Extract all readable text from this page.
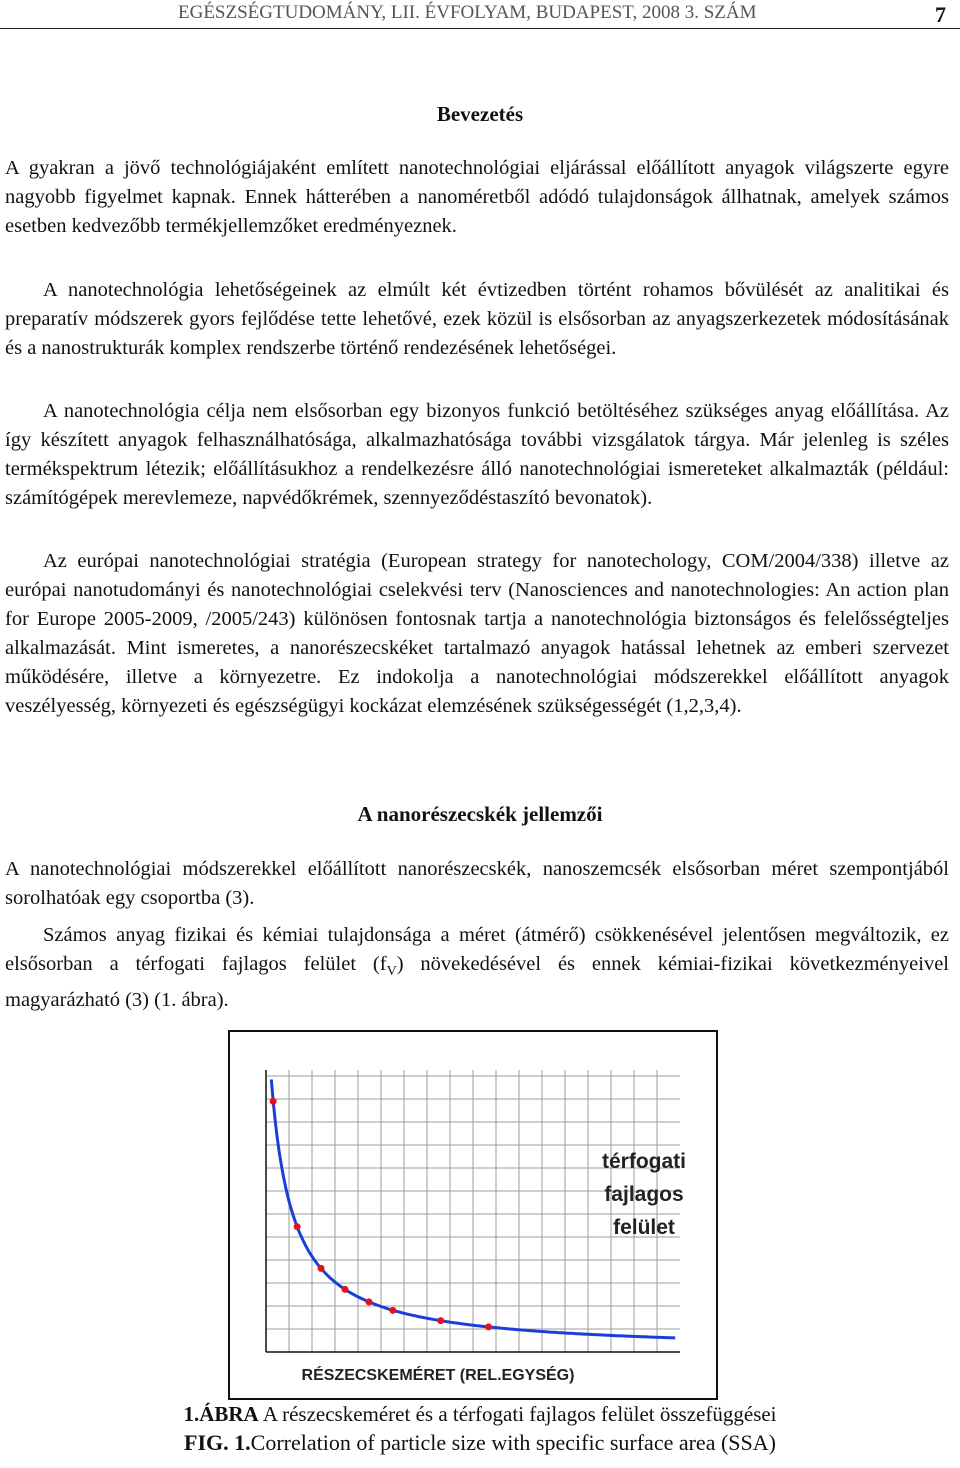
EGÉSZSÉGTUDOMÁNY, LII. ÉVFOLYAM, BUDAPEST, 2008 3. SZÁM	7
Bevezetés

A gyakran a jövő technológiájaként említett nanotechnológiai eljárással előállított anyagok világszerte egyre nagyobb figyelmet kapnak. Ennek hátterében a nanoméretből adódó tulajdonságok állhatnak, amelyek számos esetben kedvezőbb termékjellemzőket eredményeznek.

A nanotechnológia lehetőségeinek az elmúlt két évtizedben történt rohamos bővülését az analitikai és preparatív módszerek gyors fejlődése tette lehetővé, ezek közül is elsősorban az anyagszerkezetek módosításának és a nanostrukturák komplex rendszerbe történő rendezésének lehetőségei.

A nanotechnológia célja nem elsősorban egy bizonyos funkció betöltéséhez szükséges anyag előállítása. Az így készített anyagok felhasználhatósága, alkalmazhatósága további vizsgálatok tárgya. Már jelenleg is széles termékspektrum létezik; előállításukhoz a rendelkezésre álló nanotechnológiai ismereteket alkalmazták (például: számítógépek merevlemeze, napvédőkrémek, szennyeződéstaszító bevonatok).

Az európai nanotechnológiai stratégia (European strategy for nanotechology, COM/2004/338) illetve az európai nanotudományi és nanotechnológiai cselekvési terv (Nanosciences and nanotechnologies: An action plan for Europe 2005-2009, /2005/243) különösen fontosnak tartja a nanotechnológia biztonságos és felelősségteljes alkalmazását. Mint ismeretes, a nanorészecskéket tartalmazó anyagok hatással lehetnek az emberi szervezet működésére, illetve a környezetre. Ez indokolja a nanotechnológiai módszerekkel előállított anyagok veszélyesség, környezeti és egészségügyi kockázat elemzésének szükségességét (1,2,3,4).

A nanorészecskék jellemzői

A nanotechnológiai módszerekkel előállított nanorészecskék, nanoszemcsék elsősorban méret szempontjából sorolhatóak egy csoportba (3).

Számos anyag fizikai és kémiai tulajdonsága a méret (átmérő) csökkenésével jelentősen megváltozik, ez elsősorban a térfogati fajlagos felület $(f_V)$ növekedésével és ennek kémiai-fizikai következményeivel magyarázható (3) (1. ábra).

térfogati
fajlagos
felület
RÉSZECSKEMÉRET (REL.EGYSÉG)
1.ÁBRA A részecskeméret és a térfogati fajlagos felület összefüggései
FIG. 1.Correlation of particle size with specific surface area (SSA)
